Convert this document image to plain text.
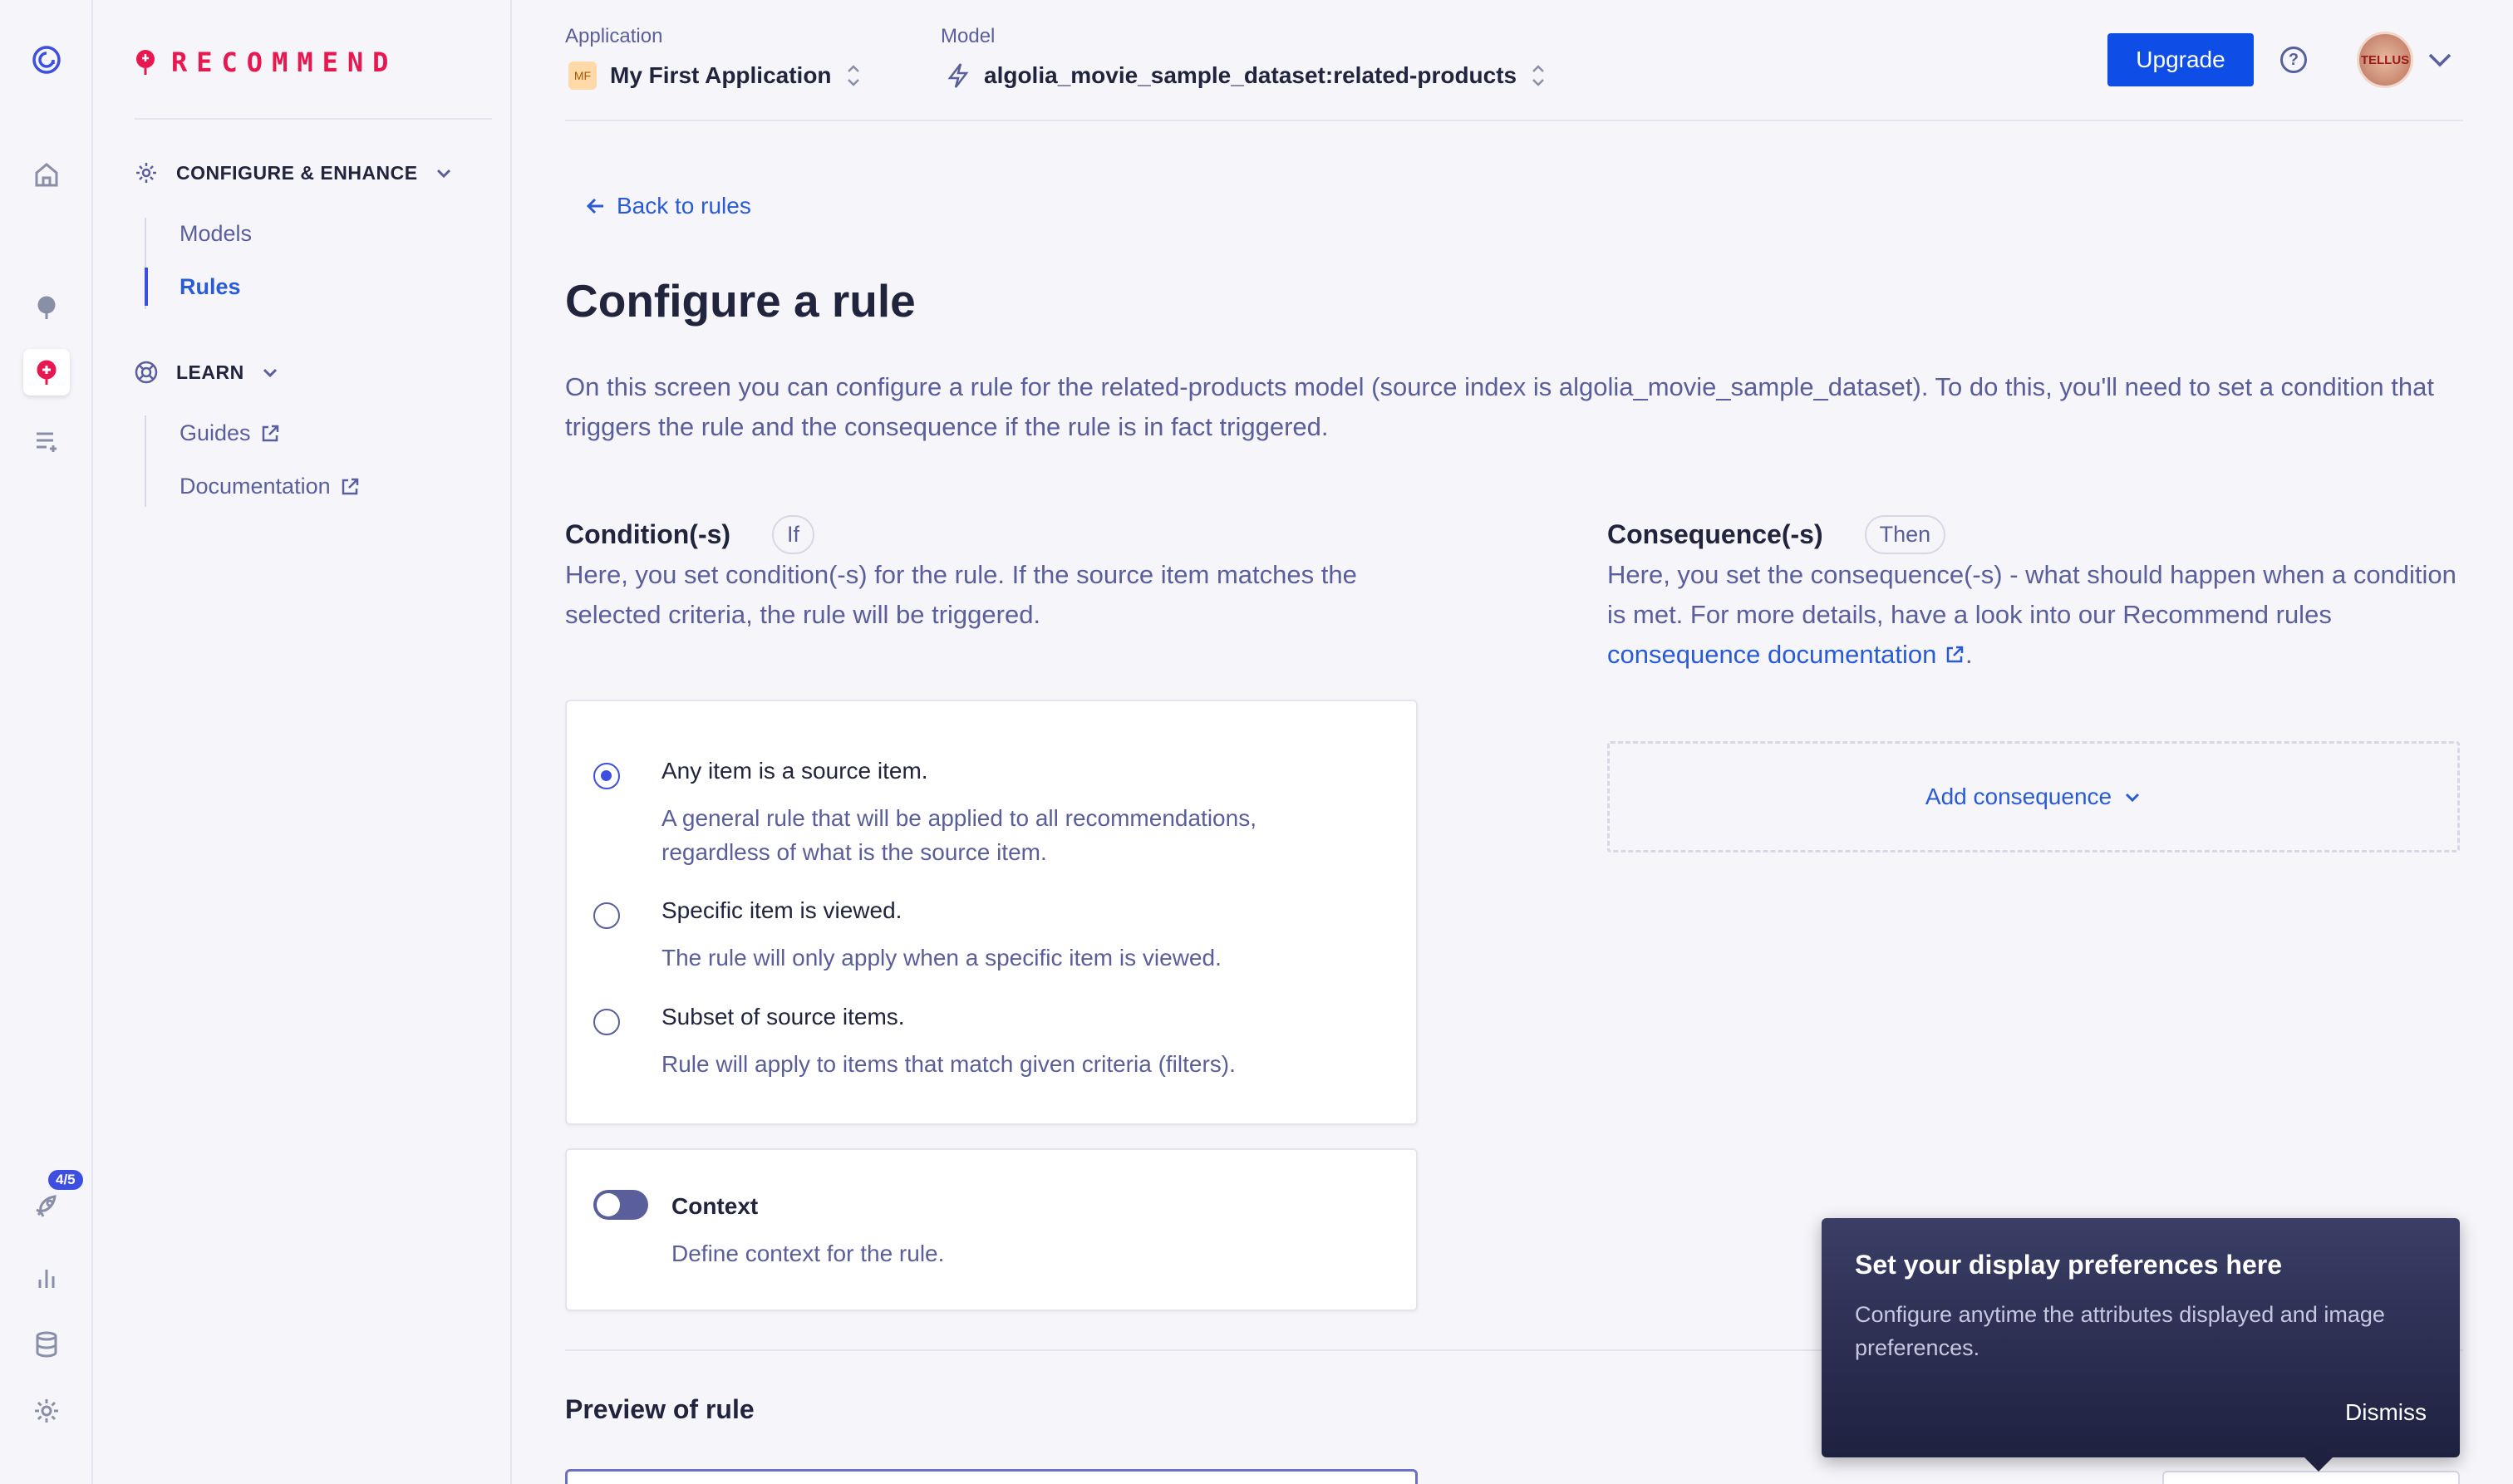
4/5
RECOMMEND
CONFIGURE & ENHANCE
Models
Rules
LEARN
Guides
Documentation
Application
MF My First Application
Model
algolia_movie_sample_dataset:related-products
Upgrade	?	TELLUS
Back to rules
Configure a rule

On this screen you can configure a rule for the related-products model (source index is algolia_movie_sample_dataset). To do this, you'll need to set a condition that triggers the rule and the consequence if the rule is in fact triggered.

Condition(-s)	If

Here, you set condition(-s) for the rule. If the source item matches the selected criteria, the rule will be triggered.

Any item is a source item.
A general rule that will be applied to all recommendations, regardless of what is the source item.
Specific item is viewed.
The rule will only apply when a specific item is viewed.
Subset of source items.
Rule will apply to items that match given criteria (filters).
Context
Define context for the rule.
Consequence(-s)	Then

Here, you set the consequence(-s) - what should happen when a condition is met. For more details, have a look into our Recommend rules consequence documentation .

Add consequence
Preview of rule
Set your display preferences here

Configure anytime the attributes displayed and image preferences.

Dismiss
